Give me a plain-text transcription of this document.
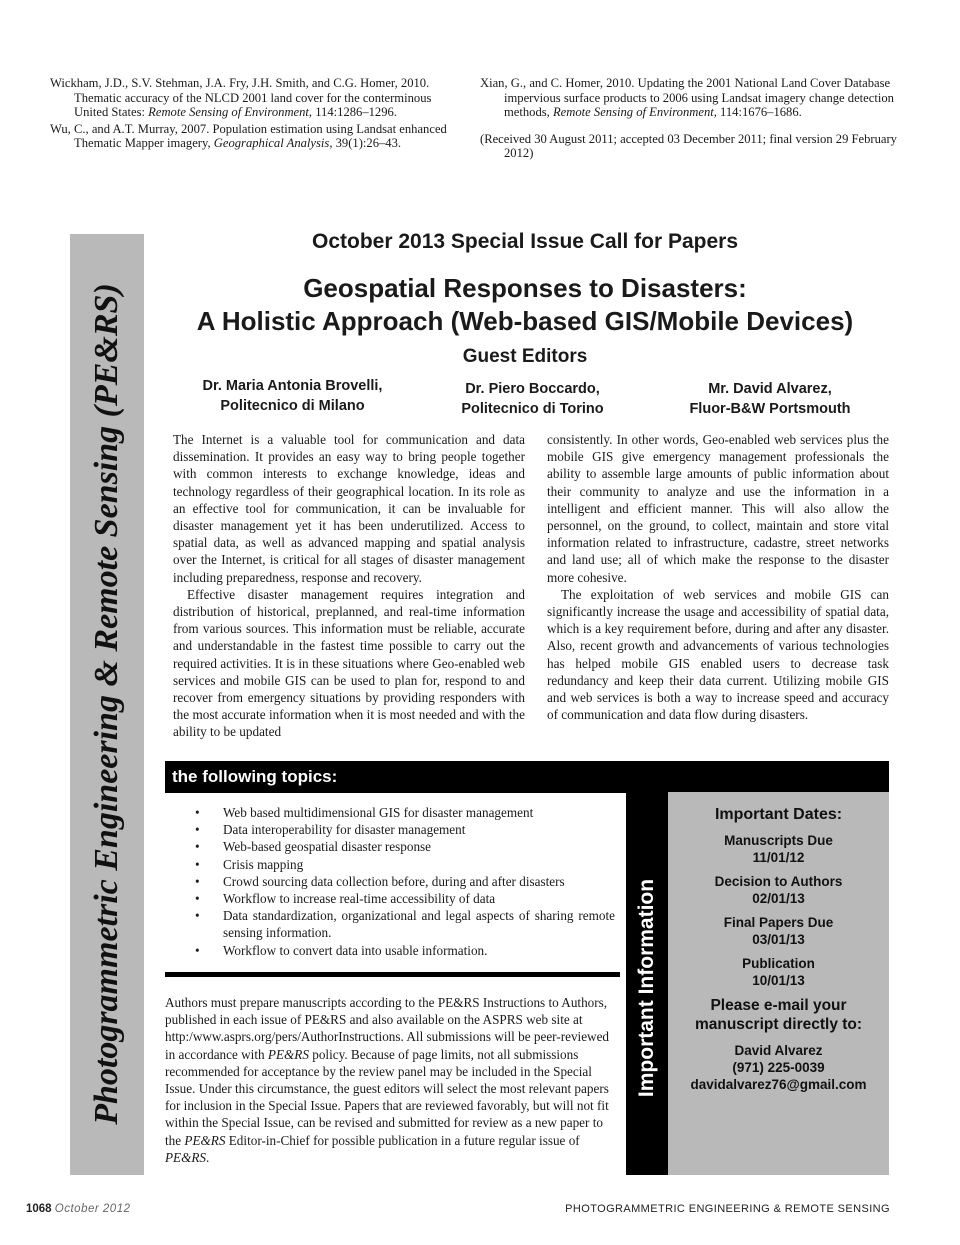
Wickham, J.D., S.V. Stehman, J.A. Fry, J.H. Smith, and C.G. Homer, 2010. Thematic accuracy of the NLCD 2001 land cover for the conterminous United States: Remote Sensing of Environment, 114:1286–1296.
Wu, C., and A.T. Murray, 2007. Population estimation using Landsat enhanced Thematic Mapper imagery, Geographical Analysis, 39(1):26–43.
Xian, G., and C. Homer, 2010. Updating the 2001 National Land Cover Database impervious surface products to 2006 using Landsat imagery change detection methods, Remote Sensing of Environment, 114:1676–1686.
(Received 30 August 2011; accepted 03 December 2011; final version 29 February 2012)
Photogrammetric Engineering & Remote Sensing (PE&RS)
October 2013 Special Issue Call for Papers
Geospatial Responses to Disasters:
A Holistic Approach (Web-based GIS/Mobile Devices)
Guest Editors
Dr. Maria Antonia Brovelli,
Politecnico di Milano
Dr. Piero Boccardo,
Politecnico di Torino
Mr. David Alvarez,
Fluor-B&W Portsmouth

The Internet is a valuable tool for communication and data dissemination. It provides an easy way to bring people together with common interests to exchange knowledge, ideas and technology regardless of their geographical location. In its role as an effective tool for communication, it can be invaluable for disaster management yet it has been underutilized. Access to spatial data, as well as advanced mapping and spatial analysis over the Internet, is critical for all stages of disaster management including preparedness, response and recovery.

Effective disaster management requires integration and distribution of historical, preplanned, and real-time information from various sources. This information must be reliable, accurate and understandable in the fastest time possible to carry out the required activities. It is in these situations where Geo-enabled web services and mobile GIS can be used to plan for, respond to and recover from emergency situations by providing responders with the most accurate information when it is most needed and with the ability to be updated

consistently. In other words, Geo-enabled web services plus the mobile GIS give emergency management professionals the ability to assemble large amounts of public information about their community to analyze and use the information in a intelligent and efficient manner. This will also allow the personnel, on the ground, to collect, maintain and store vital information related to infrastructure, cadastre, street networks and land use; all of which make the response to the disaster more cohesive.

The exploitation of web services and mobile GIS can significantly increase the usage and accessibility of spatial data, which is a key requirement before, during and after any disaster. Also, recent growth and advancements of various technologies has helped mobile GIS enabled users to decrease task redundancy and keep their data current. Utilizing mobile GIS and web services is both a way to increase speed and accuracy of communication and data flow during disasters.

the following topics:
•	Web based multidimensional GIS for disaster management
•	Data interoperability for disaster management
•	Web-based geospatial disaster response
•	Crisis mapping
•	Crowd sourcing data collection before, during and after disasters
•	Workflow to increase real-time accessibility of data
•	Data standardization, organizational and legal aspects of sharing remote sensing information.
•	Workflow to convert data into usable information.
Authors must prepare manuscripts according to the PE&RS Instructions to Authors, published in each issue of PE&RS and also available on the ASPRS web site at http:/www.asprs.org/pers/AuthorInstructions. All submissions will be peer-reviewed in accordance with PE&RS policy. Because of page limits, not all submissions recommended for acceptance by the review panel may be included in the Special Issue. Under this circumstance, the guest editors will select the most relevant papers for inclusion in the Special Issue. Papers that are reviewed favorably, but will not fit within the Special Issue, can be revised and submitted for review as a new paper to the PE&RS Editor-in-Chief for possible publication in a future regular issue of PE&RS.
Important Information
Important Dates:
Manuscripts Due
11/01/12
Decision to Authors
02/01/13
Final Papers Due
03/01/13
Publication
10/01/13
Please e-mail your
manuscript directly to:
David Alvarez
(971) 225-0039
davidalvarez76@gmail.com
1068 October 2012	PHOTOGRAMMETRIC ENGINEERING & REMOTE SENSING
